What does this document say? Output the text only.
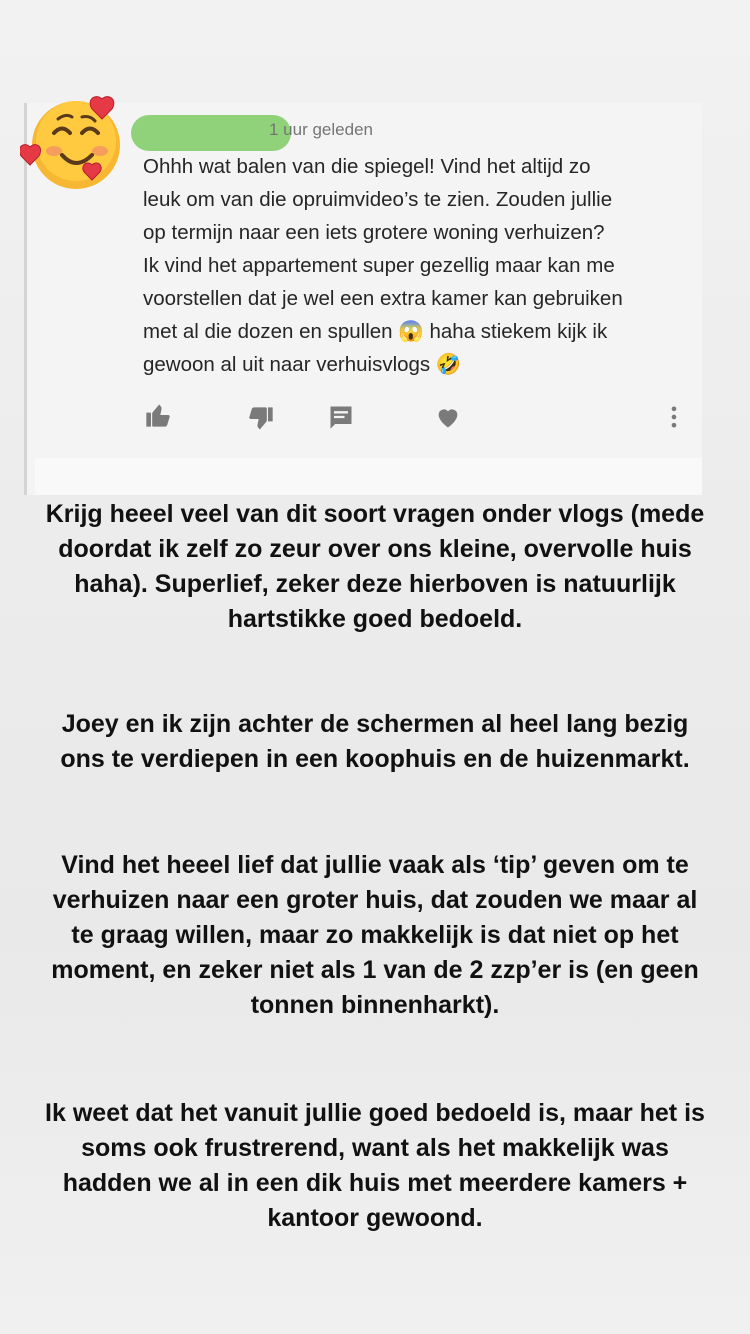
1 uur geleden
Ohhh wat balen van die spiegel! Vind het altijd zo
leuk om van die opruimvideo’s te zien. Zouden jullie
op termijn naar een iets grotere woning verhuizen?
Ik vind het appartement super gezellig maar kan me
voorstellen dat je wel een extra kamer kan gebruiken
met al die dozen en spullen 😱 haha stiekem kijk ik
gewoon al uit naar verhuisvlogs 🤣
Krijg heeel veel van dit soort vragen onder vlogs (mede doordat ik zelf zo zeur over ons kleine, overvolle huis haha). Superlief, zeker deze hierboven is natuurlijk hartstikke goed bedoeld.
Joey en ik zijn achter de schermen al heel lang bezig ons te verdiepen in een koophuis en de huizenmarkt.
Vind het heeel lief dat jullie vaak als ‘tip’ geven om te verhuizen naar een groter huis, dat zouden we maar al te graag willen, maar zo makkelijk is dat niet op het moment, en zeker niet als 1 van de 2 zzp’er is (en geen tonnen binnenharkt).
Ik weet dat het vanuit jullie goed bedoeld is, maar het is soms ook frustrerend, want als het makkelijk was hadden we al in een dik huis met meerdere kamers + kantoor gewoond.
